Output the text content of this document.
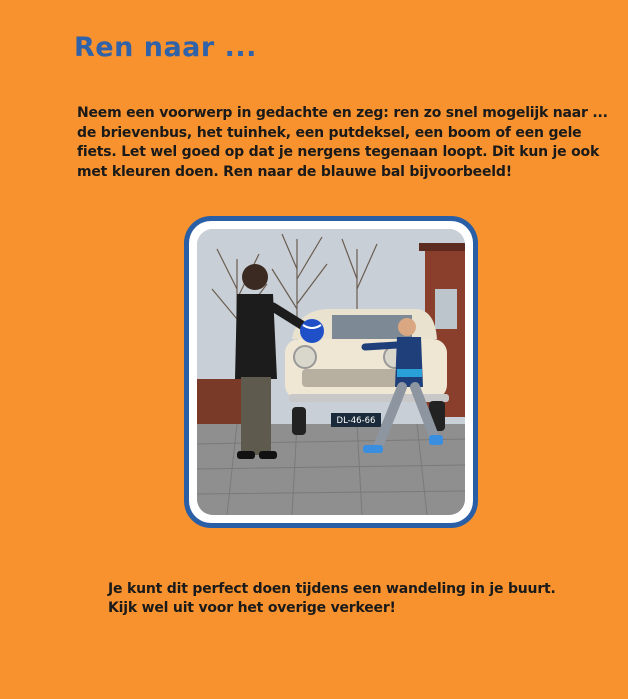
Ren naar ...

Neem een voorwerp in gedachte en zeg: ren zo snel mogelijk naar ... de brievenbus, het tuinhek, een putdeksel, een boom of een gele fiets. Let wel goed op dat je nergens tegenaan loopt. Dit kun je ook met kleuren doen. Ren naar de blauwe bal bijvoorbeeld!

DL-46-66

Je kunt dit perfect doen tijdens een wandeling in je buurt.

Kijk wel uit voor het overige verkeer!
